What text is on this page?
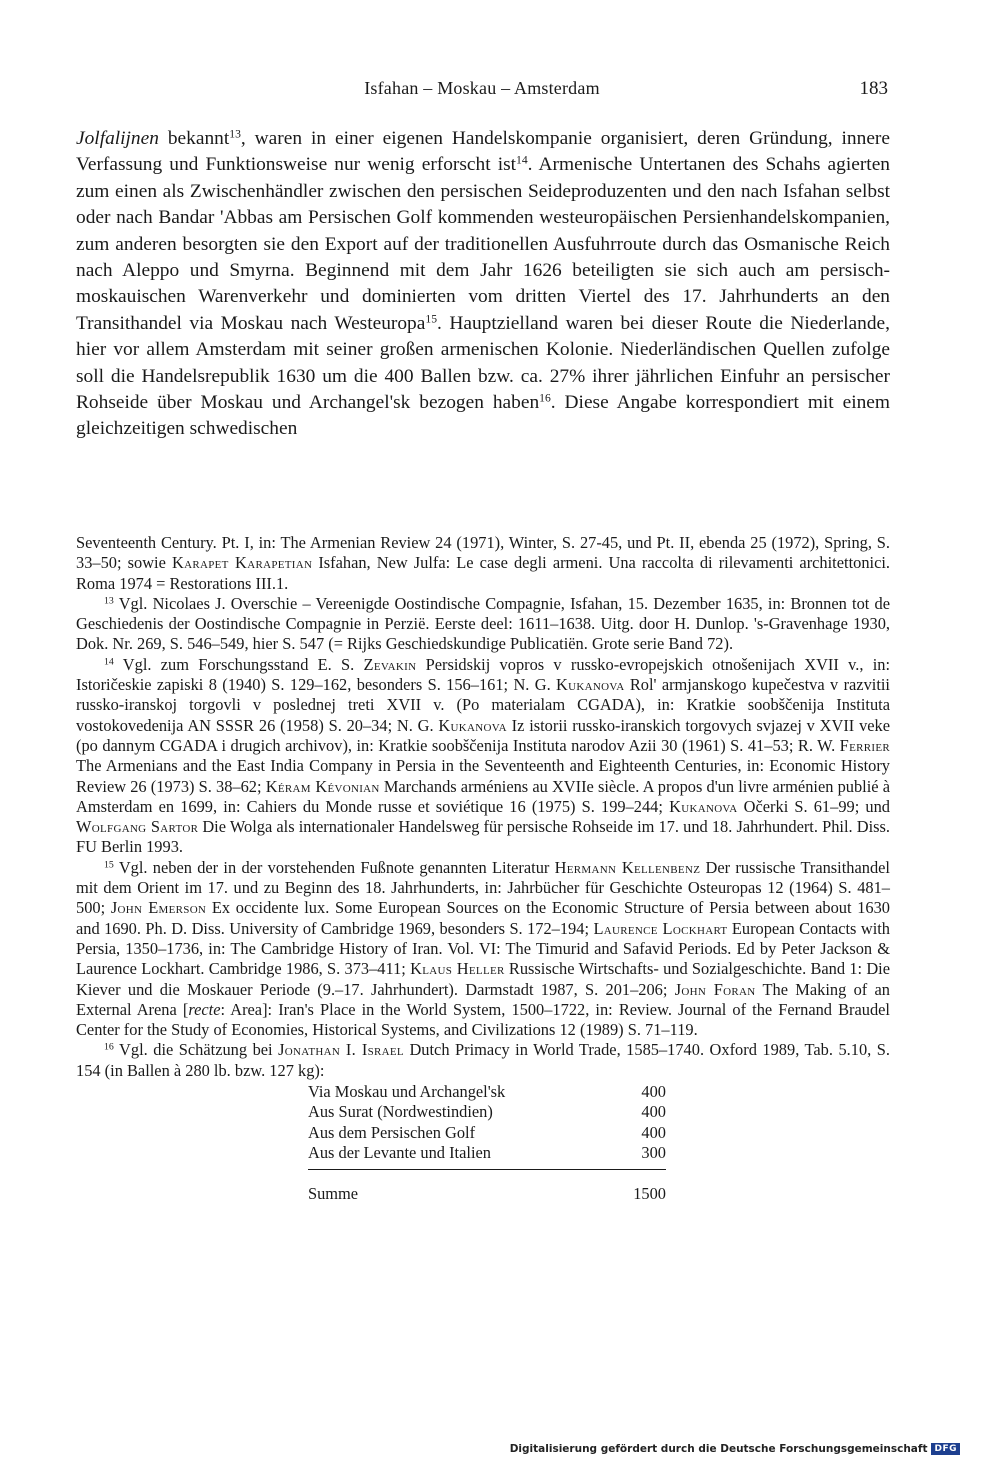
Isfahan – Moskau – Amsterdam	183
Jolfalijnen bekannt$^{13}$, waren in einer eigenen Handelskompanie organisiert, deren Gründung, innere Verfassung und Funktionsweise nur wenig erforscht ist$^{14}$. Armenische Untertanen des Schahs agierten zum einen als Zwischenhändler zwischen den persischen Seideproduzenten und den nach Isfahan selbst oder nach Bandar 'Abbas am Persischen Golf kommenden westeuropäischen Persienhandelskompanien, zum anderen besorgten sie den Export auf der traditionellen Ausfuhrroute durch das Osmanische Reich nach Aleppo und Smyrna. Beginnend mit dem Jahr 1626 beteiligten sie sich auch am persisch-moskauischen Warenverkehr und dominierten vom dritten Viertel des 17. Jahrhunderts an den Transithandel via Moskau nach Westeuropa$^{15}$. Hauptzielland waren bei dieser Route die Niederlande, hier vor allem Amsterdam mit seiner großen armenischen Kolonie. Niederländischen Quellen zufolge soll die Handelsrepublik 1630 um die 400 Ballen bzw. ca. 27% ihrer jährlichen Einfuhr an persischer Rohseide über Moskau und Archangel'sk bezogen haben$^{16}$. Diese Angabe korrespondiert mit einem gleichzeitigen schwedischen

Seventeenth Century. Pt. I, in: The Armenian Review 24 (1971), Winter, S. 27-45, und Pt. II, ebenda 25 (1972), Spring, S. 33–50; sowie Karapet Karapetian Isfahan, New Julfa: Le case degli armeni. Una raccolta di rilevamenti architettonici. Roma 1974 = Restorations III.1.

$^{13}$ Vgl. Nicolaes J. Overschie – Vereenigde Oostindische Compagnie, Isfahan, 15. Dezember 1635, in: Bronnen tot de Geschiedenis der Oostindische Compagnie in Perzië. Eerste deel: 1611–1638. Uitg. door H. Dunlop. 's-Gravenhage 1930, Dok. Nr. 269, S. 546–549, hier S. 547 (= Rijks Geschiedskundige Publicatiën. Grote serie Band 72).

$^{14}$ Vgl. zum Forschungsstand E. S. Zevakin Persidskij vopros v russko-evropejskich otnošenijach XVII v., in: Istoričeskie zapiski 8 (1940) S. 129–162, besonders S. 156–161; N. G. Kukanova Rol' armjanskogo kupečestva v razvitii russko-iranskoj torgovli v poslednej treti XVII v. (Po materialam CGADA), in: Kratkie soobščenija Instituta vostokovedenija AN SSSR 26 (1958) S. 20–34; N. G. Kukanova Iz istorii russko-iranskich torgovych svjazej v XVII veke (po dannym CGADA i drugich archivov), in: Kratkie soobščenija Instituta narodov Azii 30 (1961) S. 41–53; R. W. Ferrier The Armenians and the East India Company in Persia in the Seventeenth and Eighteenth Centuries, in: Economic History Review 26 (1973) S. 38–62; Kéram Kévonian Marchands arméniens au XVIIe siècle. A propos d'un livre arménien publié à Amsterdam en 1699, in: Cahiers du Monde russe et soviétique 16 (1975) S. 199–244; Kukanova Očerki S. 61–99; und Wolfgang Sartor Die Wolga als internationaler Handelsweg für persische Rohseide im 17. und 18. Jahrhundert. Phil. Diss. FU Berlin 1993.

$^{15}$ Vgl. neben der in der vorstehenden Fußnote genannten Literatur Hermann Kellenbenz Der russische Transithandel mit dem Orient im 17. und zu Beginn des 18. Jahrhunderts, in: Jahrbücher für Geschichte Osteuropas 12 (1964) S. 481–500; John Emerson Ex occidente lux. Some European Sources on the Economic Structure of Persia between about 1630 and 1690. Ph. D. Diss. University of Cambridge 1969, besonders S. 172–194; Laurence Lockhart European Contacts with Persia, 1350–1736, in: The Cambridge History of Iran. Vol. VI: The Timurid and Safavid Periods. Ed by Peter Jackson & Laurence Lockhart. Cambridge 1986, S. 373–411; Klaus Heller Russische Wirtschafts- und Sozialgeschichte. Band 1: Die Kiever und die Moskauer Periode (9.–17. Jahrhundert). Darmstadt 1987, S. 201–206; John Foran The Making of an External Arena [recte: Area]: Iran's Place in the World System, 1500–1722, in: Review. Journal of the Fernand Braudel Center for the Study of Economies, Historical Systems, and Civilizations 12 (1989) S. 71–119.

$^{16}$ Vgl. die Schätzung bei Jonathan I. Israel Dutch Primacy in World Trade, 1585–1740. Oxford 1989, Tab. 5.10, S. 154 (in Ballen à 280 lb. bzw. 127 kg):

Via Moskau und Archangel'sk	400
Aus Surat (Nordwestindien)	400
Aus dem Persischen Golf	400
Aus der Levante und Italien	300
Summe	1500
Digitalisierung gefördert durch die Deutsche Forschungsgemeinschaft DFG
